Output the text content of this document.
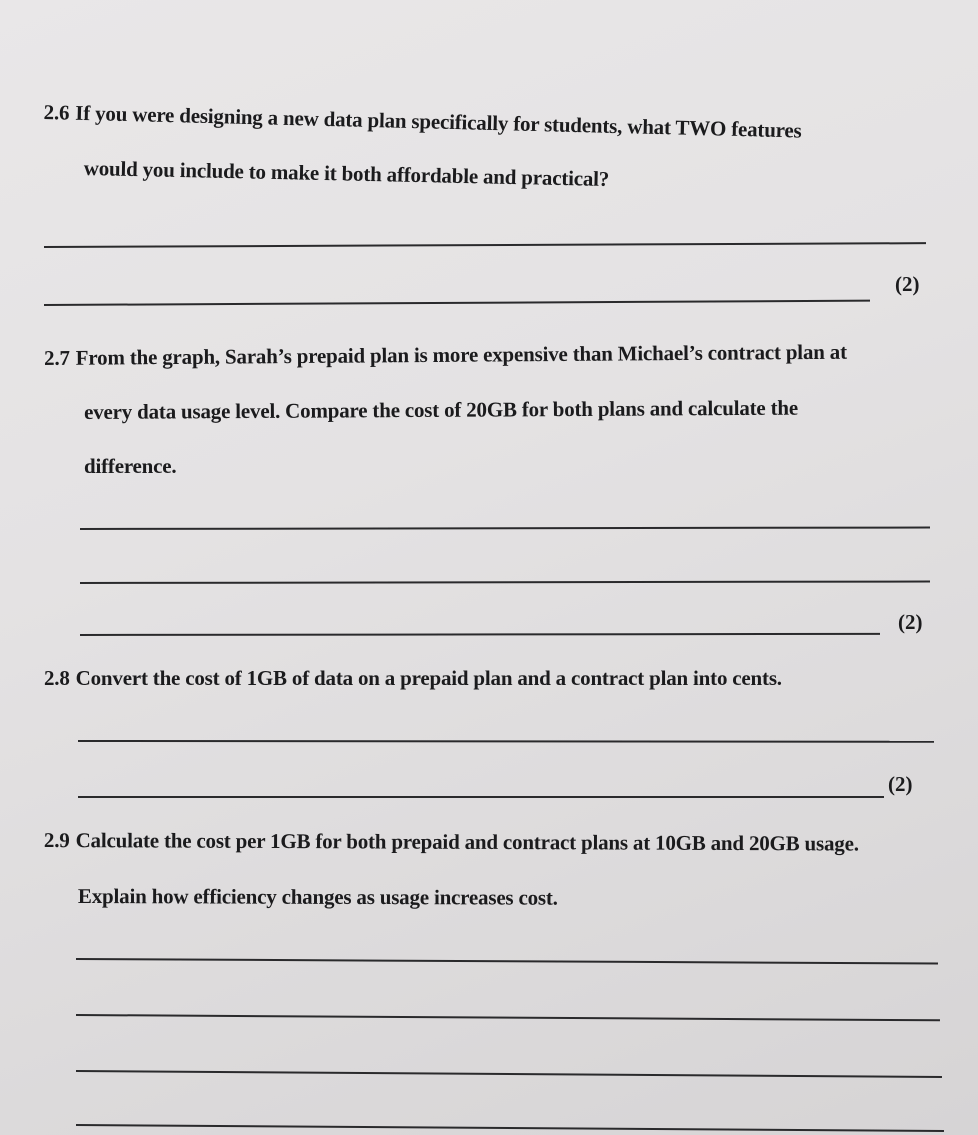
2.6 If you were designing a new data plan specifically for students, what TWO features
would you include to make it both affordable and practical?
(2)
2.7 From the graph, Sarah’s prepaid plan is more expensive than Michael’s contract plan at
every data usage level. Compare the cost of 20GB for both plans and calculate the
difference.
(2)
2.8 Convert the cost of 1GB of data on a prepaid plan and a contract plan into cents.
(2)
2.9 Calculate the cost per 1GB for both prepaid and contract plans at 10GB and 20GB usage.
Explain how efficiency changes as usage increases cost.
